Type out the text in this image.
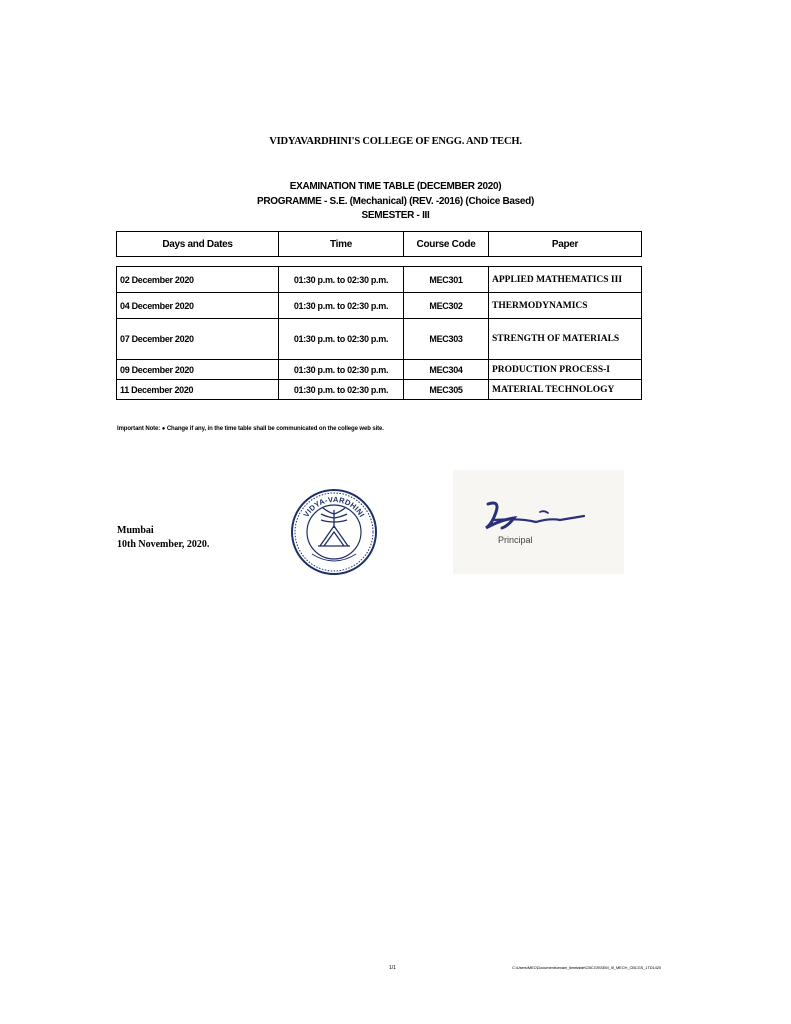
VIDYAVARDHINI'S COLLEGE OF ENGG. AND TECH.
EXAMINATION TIME TABLE (DECEMBER 2020)
PROGRAMME - S.E. (Mechanical) (REV. -2016) (Choice Based)
SEMESTER - III
Days and Dates	Time	Course Code	Paper
02 December 2020	01:30 p.m. to 02:30 p.m.	MEC301	APPLIED MATHEMATICS III
04 December 2020	01:30 p.m. to 02:30 p.m.	MEC302	THERMODYNAMICS
07 December 2020	01:30 p.m. to 02:30 p.m.	MEC303	STRENGTH OF MATERIALS
09 December 2020	01:30 p.m. to 02:30 p.m.	MEC304	PRODUCTION PROCESS-I
11 December 2020	01:30 p.m. to 02:30 p.m.	MEC305	MATERIAL TECHNOLOGY
Important Note: ● Change if any, in the time table shall be communicated on the college web site.
Mumbai
10th November, 2020.
VIDYA-VARDHINI
Principal
1/1	C:\Users\MEC\Documents\exam_timetable\CBCGS\SEM_III_MECH_CBCGS_1TD1420
